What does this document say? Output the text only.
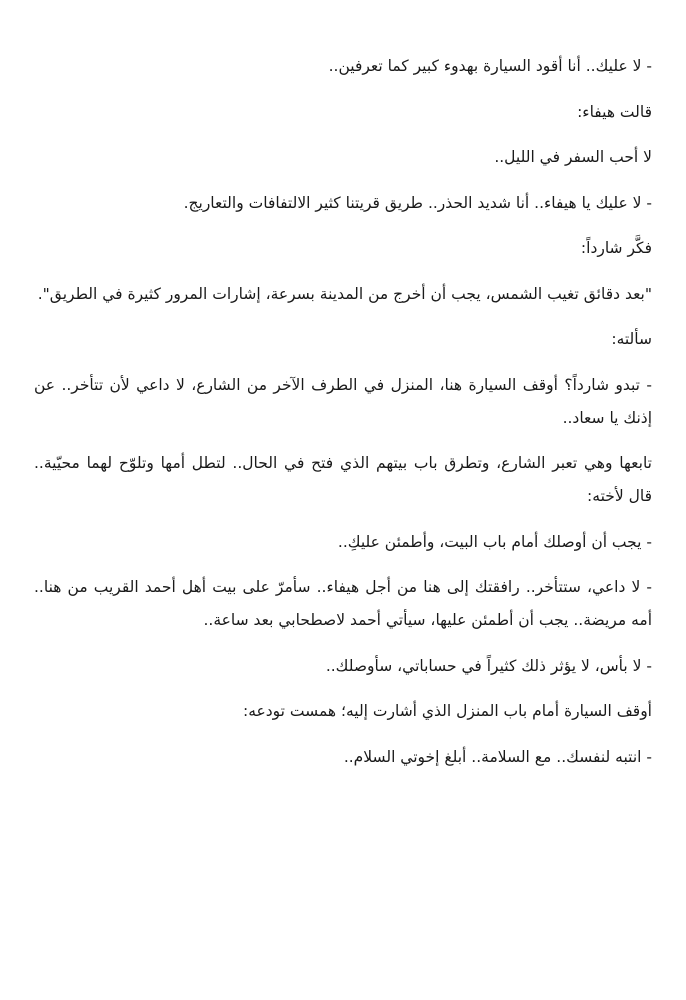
- لا عليك.. أنا أقود السيارة بهدوء كبير كما تعرفين..

قالت هيفاء:

لا أحب السفر في الليل..

- لا عليك يا هيفاء.. أنا شديد الحذر.. طريق قريتنا كثير الالتفافات والتعاريج.

فكَّر شارداً:

"بعد دقائق تغيب الشمس، يجب أن أخرج من المدينة بسرعة، إشارات المرور كثيرة في الطريق".

سألته:

- تبدو شارداً؟ أوقف السيارة هنا، المنزل في الطرف الآخر من الشارع، لا داعي لأن تتأخر.. عن إذنك يا سعاد..

تابعها وهي تعبر الشارع، وتطرق باب بيتهم الذي فتح في الحال.. لتطل أمها وتلوّح لهما محيّية.. قال لأخته:

- يجب أن أوصلك أمام باب البيت، وأطمئن عليكِ..

- لا داعي، ستتأخر.. رافقتك إلى هنا من أجل هيفاء.. سأمرّ على بيت أهل أحمد القريب من هنا.. أمه مريضة.. يجب أن أطمئن عليها، سيأتي أحمد لاصطحابي بعد ساعة..

- لا بأس، لا يؤثر ذلك كثيراً في حساباتي، سأوصلك..

أوقف السيارة أمام باب المنزل الذي أشارت إليه؛ همست تودعه:

- انتبه لنفسك.. مع السلامة.. أبلغ إخوتي السلام..
